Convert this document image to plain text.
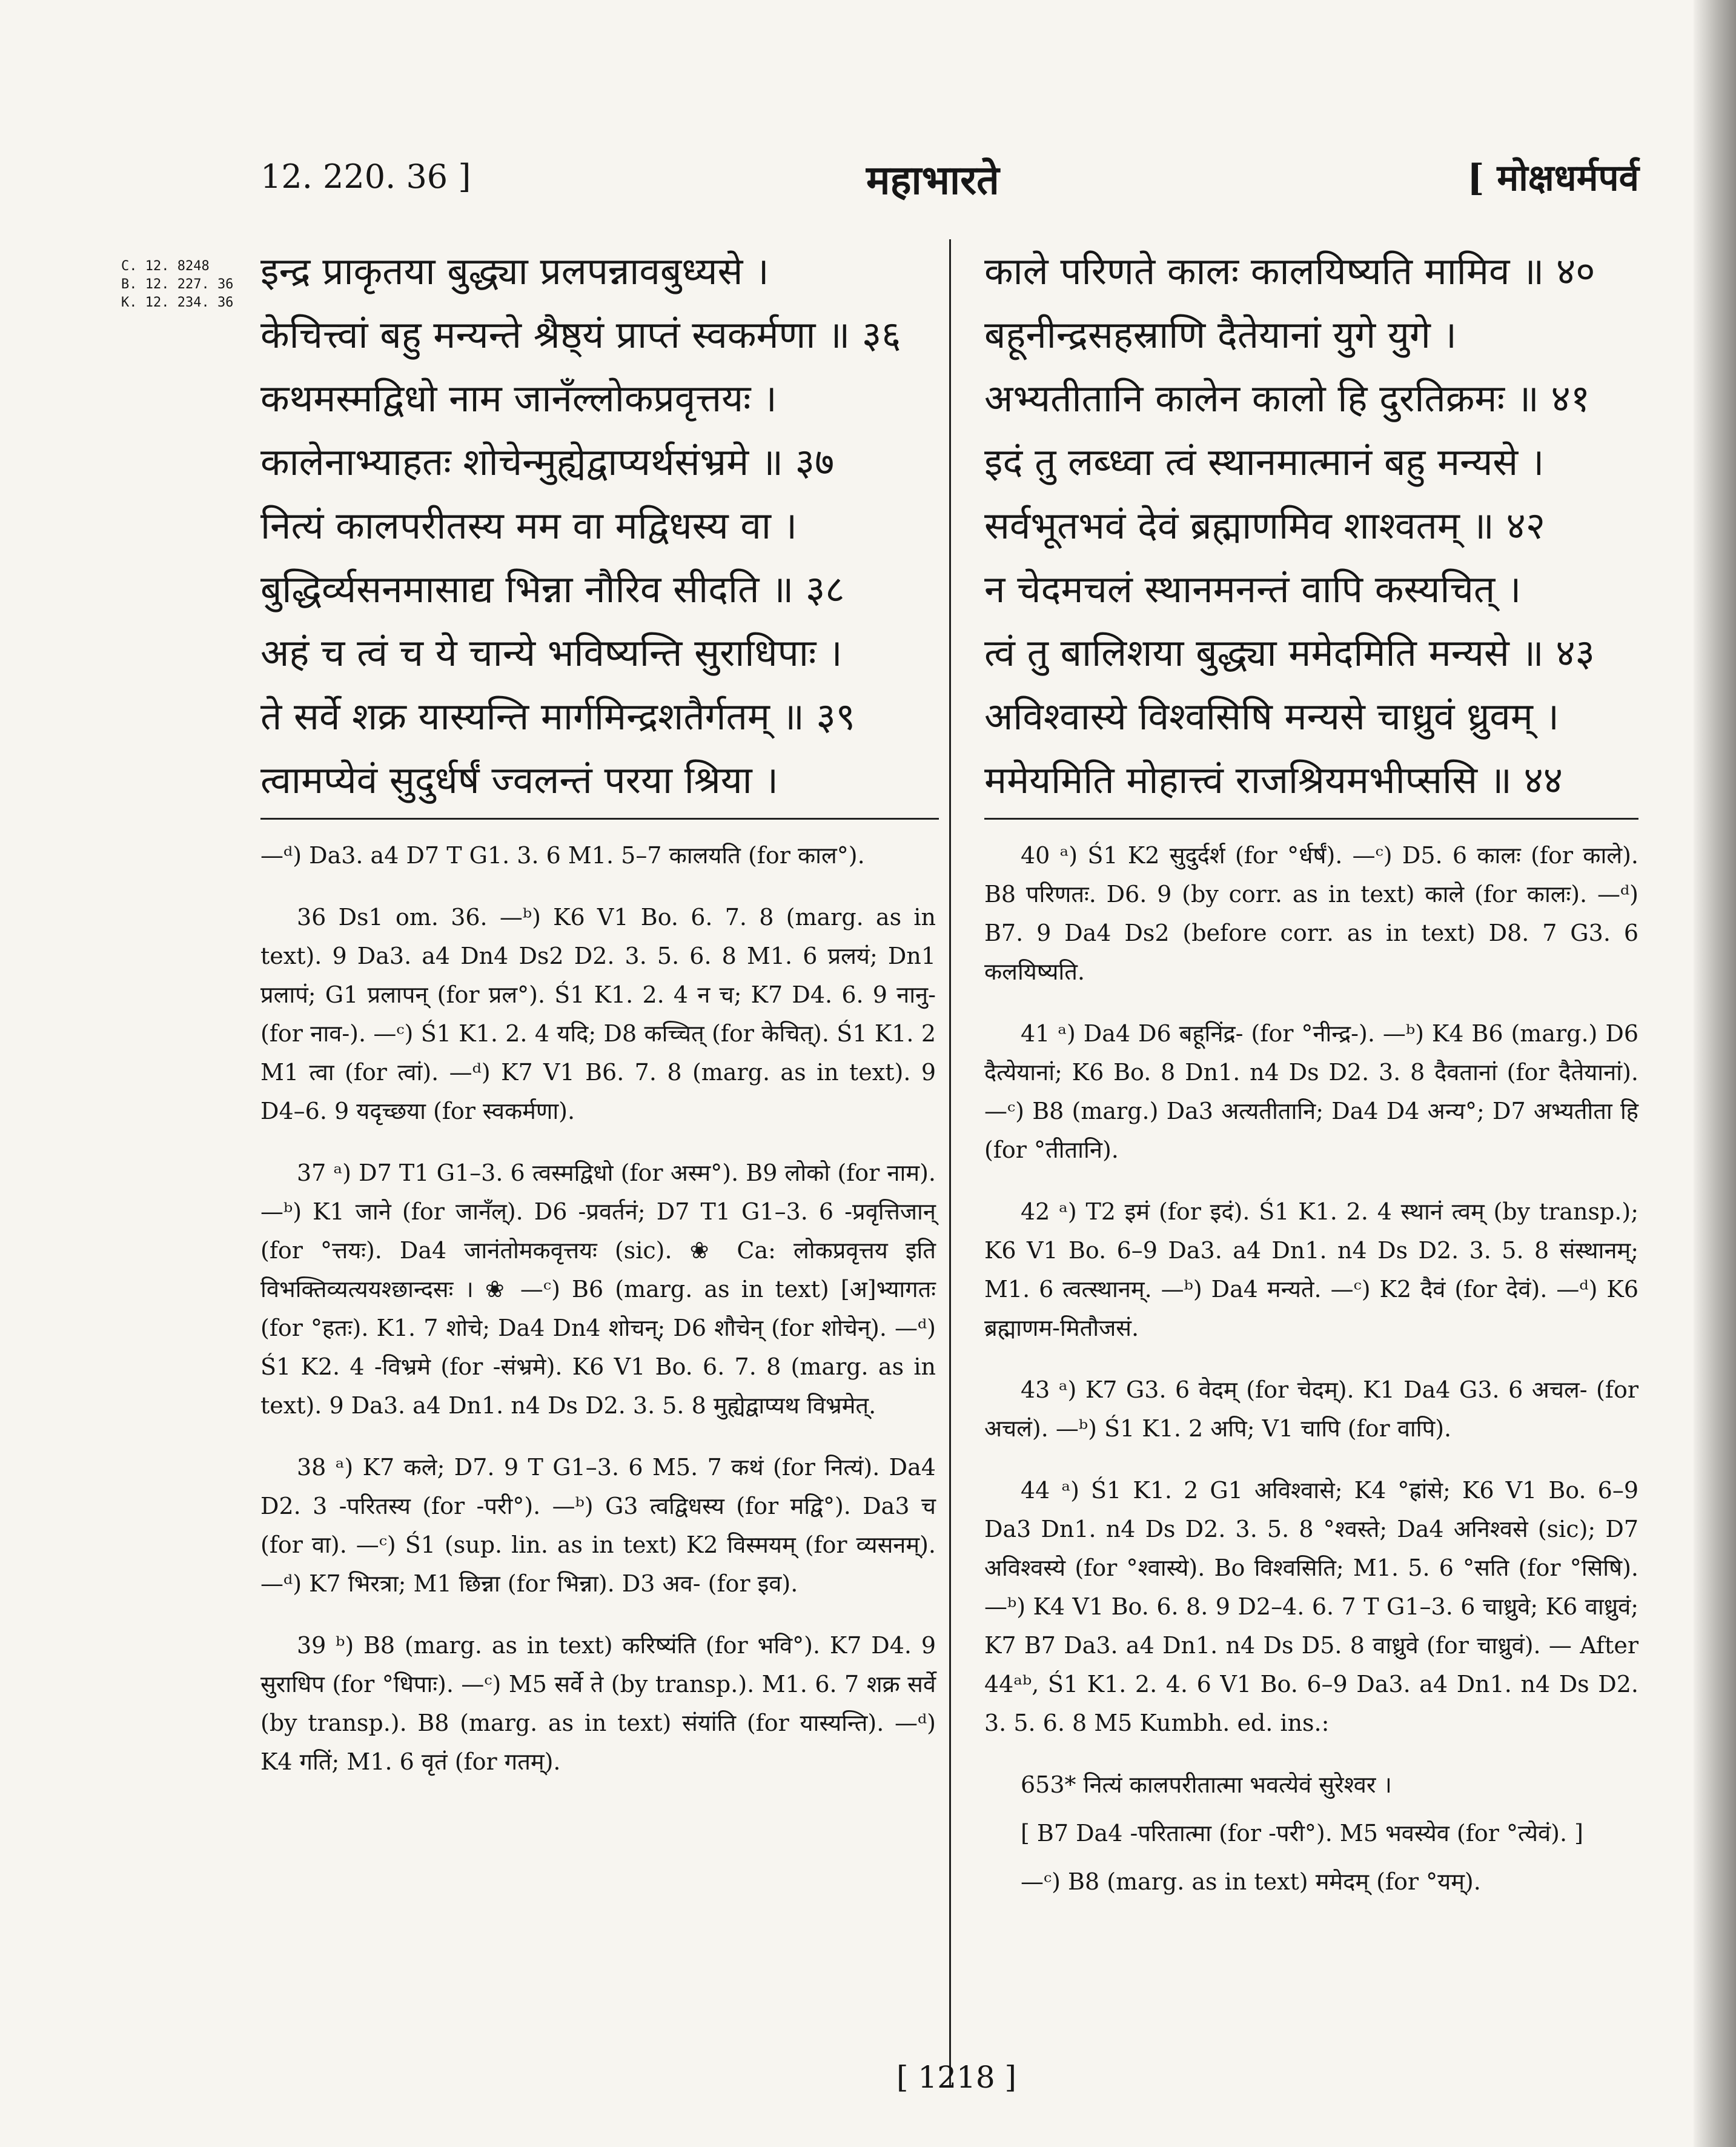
12. 220. 36 ]	महाभारते	[ मोक्षधर्मपर्व
C. 12. 8248
B. 12. 227. 36
K. 12. 234. 36
इन्द्र प्राकृतया बुद्ध्या प्रलपन्नावबुध्यसे ।
केचित्त्वां बहु मन्यन्ते श्रैष्ठ्यं प्राप्तं स्वकर्मणा ॥ ३६
कथमस्मद्विधो नाम जानँल्लोकप्रवृत्तयः ।
कालेनाभ्याहतः शोचेन्मुह्येद्वाप्यर्थसंभ्रमे ॥ ३७
नित्यं कालपरीतस्य मम वा मद्विधस्य वा ।
बुद्धिर्व्यसनमासाद्य भिन्ना नौरिव सीदति ॥ ३८
अहं च त्वं च ये चान्ये भविष्यन्ति सुराधिपाः ।
ते सर्वे शक्र यास्यन्ति मार्गमिन्द्रशतैर्गतम् ॥ ३९
त्वामप्येवं सुदुर्धर्षं ज्वलन्तं परया श्रिया ।
काले परिणते कालः कालयिष्यति मामिव ॥ ४०
बहूनीन्द्रसहस्राणि दैतेयानां युगे युगे ।
अभ्यतीतानि कालेन कालो हि दुरतिक्रमः ॥ ४१
इदं तु लब्ध्वा त्वं स्थानमात्मानं बहु मन्यसे ।
सर्वभूतभवं देवं ब्रह्माणमिव शाश्वतम् ॥ ४२
न चेदमचलं स्थानमनन्तं वापि कस्यचित् ।
त्वं तु बालिशया बुद्ध्या ममेदमिति मन्यसे ॥ ४३
अविश्वास्ये विश्वसिषि मन्यसे चाध्रुवं ध्रुवम् ।
ममेयमिति मोहात्त्वं राजश्रियमभीप्ससि ॥ ४४

—ᵈ) Da3. a4 D7 T G1. 3. 6 M1. 5–7 कालयति (for काल°).

36 Ds1 om. 36. —ᵇ) K6 V1 Bo. 6. 7. 8 (marg. as in text). 9 Da3. a4 Dn4 Ds2 D2. 3. 5. 6. 8 M1. 6 प्रलयं; Dn1 प्रलापं; G1 प्रलापन् (for प्रल°). Ś1 K1. 2. 4 न च; K7 D4. 6. 9 नानु- (for नाव-). —ᶜ) Ś1 K1. 2. 4 यदि; D8 कच्चित् (for केचित्). Ś1 K1. 2 M1 त्वा (for त्वां). —ᵈ) K7 V1 B6. 7. 8 (marg. as in text). 9 D4–6. 9 यदृच्छया (for स्वकर्मणा).

37 ᵃ) D7 T1 G1–3. 6 त्वस्मद्विधो (for अस्म°). B9 लोको (for नाम). —ᵇ) K1 जाने (for जानँल्). D6 -प्रवर्तनं; D7 T1 G1–3. 6 -प्रवृत्तिजान् (for °त्तयः). Da4 जानंतोमकवृत्तयः (sic). ❀ Ca: लोकप्रवृत्तय इति विभक्तिव्यत्ययश्छान्दसः । ❀ —ᶜ) B6 (marg. as in text) [अ]भ्यागतः (for °हतः). K1. 7 शोचे; Da4 Dn4 शोचन्; D6 शौचेन् (for शोचेन्). —ᵈ) Ś1 K2. 4 -विभ्रमे (for -संभ्रमे). K6 V1 Bo. 6. 7. 8 (marg. as in text). 9 Da3. a4 Dn1. n4 Ds D2. 3. 5. 8 मुह्येद्वाप्यथ विभ्रमेत्.

38 ᵃ) K7 कले; D7. 9 T G1–3. 6 M5. 7 कथं (for नित्यं). Da4 D2. 3 -परितस्य (for -परी°). —ᵇ) G3 त्वद्विधस्य (for मद्वि°). Da3 च (for वा). —ᶜ) Ś1 (sup. lin. as in text) K2 विस्मयम् (for व्यसनम्). —ᵈ) K7 भिरत्रा; M1 छिन्ना (for भिन्ना). D3 अव- (for इव).

39 ᵇ) B8 (marg. as in text) करिष्यंति (for भवि°). K7 D4. 9 सुराधिप (for °धिपाः). —ᶜ) M5 सर्वे ते (by transp.). M1. 6. 7 शक्र सर्वे (by transp.). B8 (marg. as in text) संयांति (for यास्यन्ति). —ᵈ) K4 गतिं; M1. 6 वृतं (for गतम्).

40 ᵃ) Ś1 K2 सुदुर्दर्श (for °र्धर्षं). —ᶜ) D5. 6 कालः (for काले). B8 परिणतः. D6. 9 (by corr. as in text) काले (for कालः). —ᵈ) B7. 9 Da4 Ds2 (before corr. as in text) D8. 7 G3. 6 कलयिष्यति.

41 ᵃ) Da4 D6 बहूनिंद्र- (for °नीन्द्र-). —ᵇ) K4 B6 (marg.) D6 दैत्येयानां; K6 Bo. 8 Dn1. n4 Ds D2. 3. 8 दैवतानां (for दैतेयानां). —ᶜ) B8 (marg.) Da3 अत्यतीतानि; Da4 D4 अन्य°; D7 अभ्यतीता हि (for °तीतानि).

42 ᵃ) T2 इमं (for इदं). Ś1 K1. 2. 4 स्थानं त्वम् (by transp.); K6 V1 Bo. 6–9 Da3. a4 Dn1. n4 Ds D2. 3. 5. 8 संस्थानम्; M1. 6 त्वत्स्थानम्. —ᵇ) Da4 मन्यते. —ᶜ) K2 दैवं (for देवं). —ᵈ) K6 ब्रह्माणम-मितौजसं.

43 ᵃ) K7 G3. 6 वेदम् (for चेदम्). K1 Da4 G3. 6 अचल- (for अचलं). —ᵇ) Ś1 K1. 2 अपि; V1 चापि (for वापि).

44 ᵃ) Ś1 K1. 2 G1 अविश्वासे; K4 °ह्रांसे; K6 V1 Bo. 6–9 Da3 Dn1. n4 Ds D2. 3. 5. 8 °श्वस्ते; Da4 अनिश्वसे (sic); D7 अविश्वस्ये (for °श्वास्ये). Bo विश्वसिति; M1. 5. 6 °सति (for °सिषि). —ᵇ) K4 V1 Bo. 6. 8. 9 D2–4. 6. 7 T G1–3. 6 चाध्रुवे; K6 वाध्रुवं; K7 B7 Da3. a4 Dn1. n4 Ds D5. 8 वाध्रुवे (for चाध्रुवं). — After 44ᵃᵇ, Ś1 K1. 2. 4. 6 V1 Bo. 6–9 Da3. a4 Dn1. n4 Ds D2. 3. 5. 6. 8 M5 Kumbh. ed. ins.:

653* नित्यं कालपरीतात्मा भवत्येवं सुरेश्वर ।
[ B7 Da4 -परितात्मा (for -परी°). M5 भवस्येव (for °त्येवं). ]
—ᶜ) B8 (marg. as in text) ममेदम् (for °यम्).

[ 1218 ]
